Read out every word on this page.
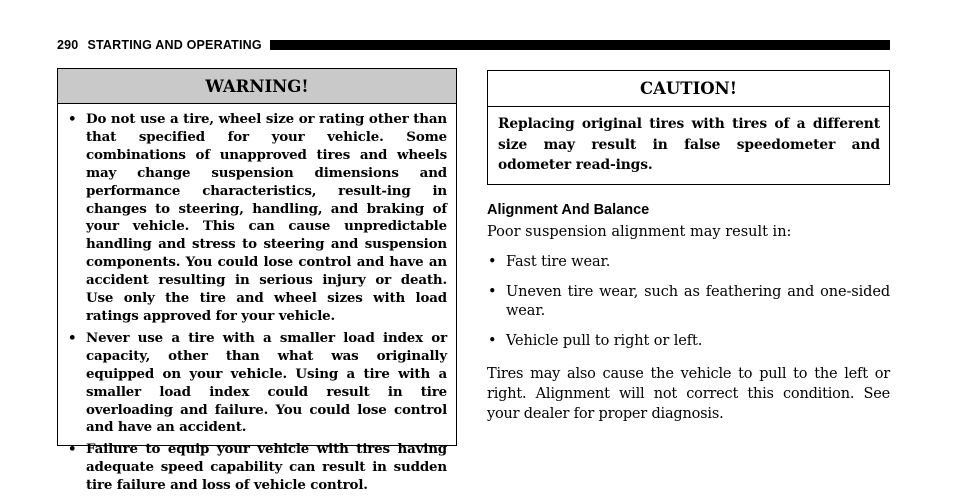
290 STARTING AND OPERATING
WARNING!
• Do not use a tire, wheel size or rating other than that specified for your vehicle. Some combinations of unapproved tires and wheels may change suspension dimensions and performance characteristics, result-ing in changes to steering, handling, and braking of your vehicle. This can cause unpredictable handling and stress to steering and suspension components. You could lose control and have an accident resulting in serious injury or death. Use only the tire and wheel sizes with load ratings approved for your vehicle.
• Never use a tire with a smaller load index or capacity, other than what was originally equipped on your vehicle. Using a tire with a smaller load index could result in tire overloading and failure. You could lose control and have an accident.
• Failure to equip your vehicle with tires having adequate speed capability can result in sudden tire failure and loss of vehicle control.
CAUTION!
Replacing original tires with tires of a different size may result in false speedometer and odometer read-ings.
Alignment And Balance
Poor suspension alignment may result in:
• Fast tire wear.
• Uneven tire wear, such as feathering and one-sided wear.
• Vehicle pull to right or left.
Tires may also cause the vehicle to pull to the left or right. Alignment will not correct this condition. See your dealer for proper diagnosis.
